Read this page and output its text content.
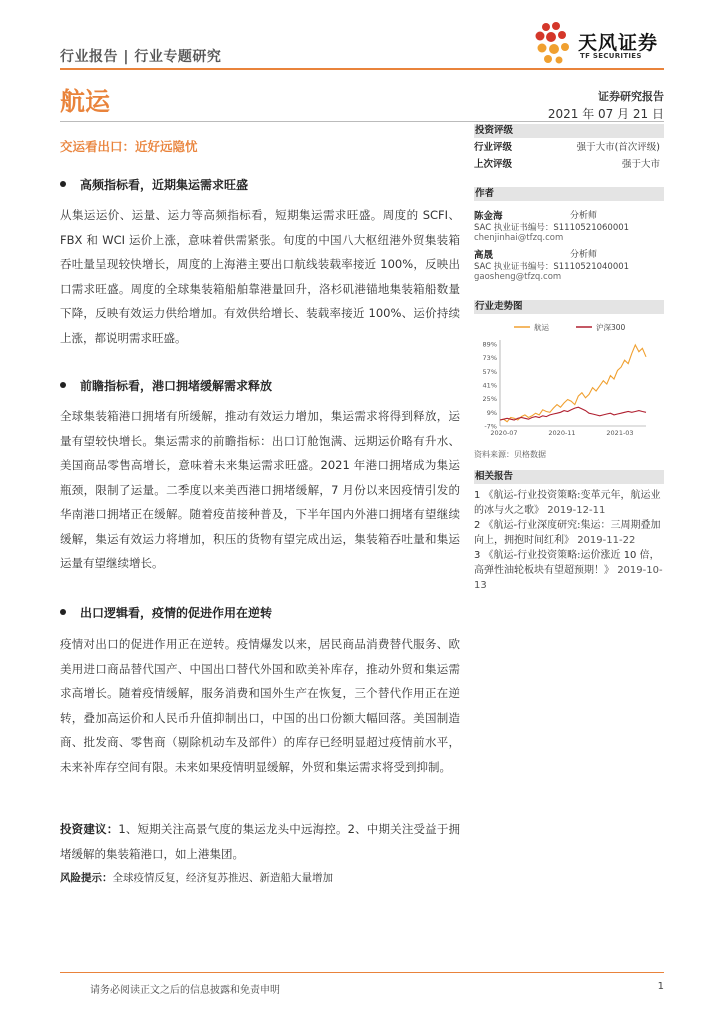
行业报告 | 行业专题研究
天风证券
TF SECURITIES
航运	证券研究报告
2021 年 07 月 21 日
交运看出口：近好远隐忧
高频指标看，近期集运需求旺盛
从集运运价、运量、运力等高频指标看，短期集运需求旺盛。周度的 SCFI、FBX 和 WCI 运价上涨，意味着供需紧张。旬度的中国八大枢纽港外贸集装箱吞吐量呈现较快增长，周度的上海港主要出口航线装载率接近 100%，反映出口需求旺盛。周度的全球集装箱船舶靠港量回升，洛杉矶港锚地集装箱船数量下降，反映有效运力供给增加。有效供给增长、装载率接近 100%、运价持续上涨，都说明需求旺盛。
前瞻指标看，港口拥堵缓解需求释放
全球集装箱港口拥堵有所缓解，推动有效运力增加，集运需求将得到释放，运量有望较快增长。集运需求的前瞻指标：出口订舱饱满、远期运价略有升水、美国商品零售高增长，意味着未来集运需求旺盛。2021 年港口拥堵成为集运瓶颈，限制了运量。二季度以来美西港口拥堵缓解，7 月份以来因疫情引发的华南港口拥堵正在缓解。随着疫苗接种普及，下半年国内外港口拥堵有望继续缓解，集运有效运力将增加，积压的货物有望完成出运，集装箱吞吐量和集运运量有望继续增长。
出口逻辑看，疫情的促进作用在逆转
疫情对出口的促进作用正在逆转。疫情爆发以来，居民商品消费替代服务、欧美用进口商品替代国产、中国出口替代外国和欧美补库存，推动外贸和集运需求高增长。随着疫情缓解，服务消费和国外生产在恢复，三个替代作用正在逆转，叠加高运价和人民币升值抑制出口，中国的出口份额大幅回落。美国制造商、批发商、零售商（剔除机动车及部件）的库存已经明显超过疫情前水平，未来补库存空间有限。未来如果疫情明显缓解，外贸和集运需求将受到抑制。
投资建议：1、短期关注高景气度的集运龙头中远海控。2、中期关注受益于拥堵缓解的集装箱港口，如上港集团。
风险提示：全球疫情反复，经济复苏推迟、新造船大量增加
投资评级
行业评级	强于大市(首次评级)
上次评级	强于大市
作者
陈金海	分析师
SAC 执业证书编号：S1110521060001
chenjinhai@tfzq.com
高晟	分析师
SAC 执业证书编号：S1110521040001
gaosheng@tfzq.com
行业走势图
航运	沪深300
-7%
9%
25%
41%
57%
73%
89%
2020-07	2020-11	2021-03
资料来源：贝格数据
相关报告
1 《航运-行业投资策略:变革元年，航运业的冰与火之歌》 2019-12-11
2 《航运-行业深度研究:集运：三周期叠加向上，拥抱时间红利》 2019-11-22
3 《航运-行业投资策略:运价涨近 10 倍，高弹性油轮板块有望超预期！》 2019-10-13
请务必阅读正文之后的信息披露和免责申明	1
